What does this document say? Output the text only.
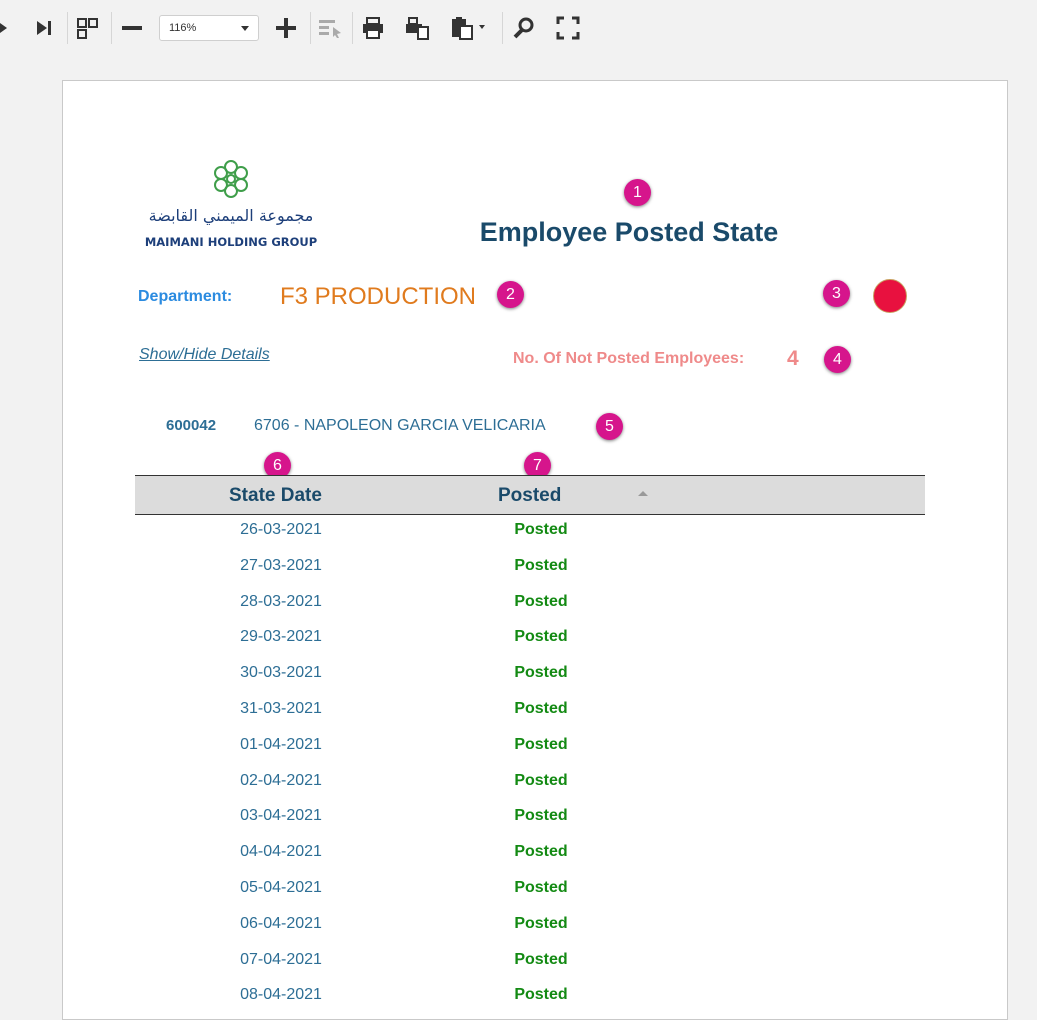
116%
مجموعة الميمني القابضة
MAIMANI HOLDING GROUP
1
Employee Posted State
Department: F3 PRODUCTION	2	3
Show/Hide Details	No. Of Not Posted Employees: 4	4
600042 6706 - NAPOLEON GARCIA VELICARIA	5
6	7
State Date	Posted
26-03-2021	Posted
27-03-2021	Posted
28-03-2021	Posted
29-03-2021	Posted
30-03-2021	Posted
31-03-2021	Posted
01-04-2021	Posted
02-04-2021	Posted
03-04-2021	Posted
04-04-2021	Posted
05-04-2021	Posted
06-04-2021	Posted
07-04-2021	Posted
08-04-2021	Posted
